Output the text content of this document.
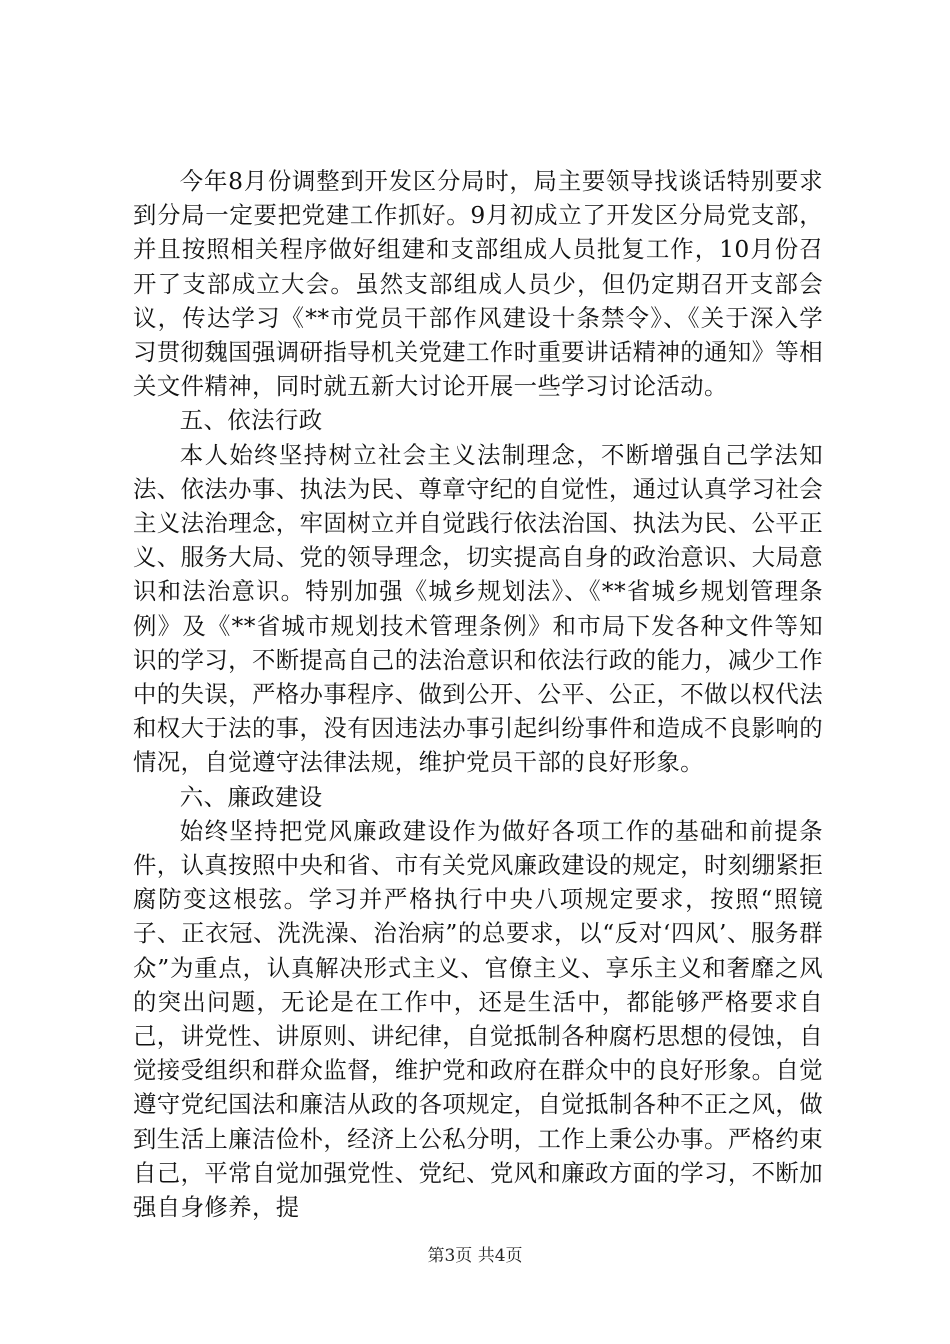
今年8月份调整到开发区分局时，局主要领导找谈话特别要求到分局一定要把党建工作抓好。9月初成立了开发区分局党支部，并且按照相关程序做好组建和支部组成人员批复工作，10月份召开了支部成立大会。虽然支部组成人员少，但仍定期召开支部会议，传达学习《**市党员干部作风建设十条禁令》、《关于深入学习贯彻魏国强调研指导机关党建工作时重要讲话精神的通知》等相关文件精神，同时就五新大讨论开展一些学习讨论活动。

五、依法行政

本人始终坚持树立社会主义法制理念，不断增强自己学法知法、依法办事、执法为民、尊章守纪的自觉性，通过认真学习社会主义法治理念，牢固树立并自觉践行依法治国、执法为民、公平正义、服务大局、党的领导理念，切实提高自身的政治意识、大局意识和法治意识。特别加强《城乡规划法》、《**省城乡规划管理条例》及《**省城市规划技术管理条例》和市局下发各种文件等知识的学习，不断提高自己的法治意识和依法行政的能力，减少工作中的失误，严格办事程序、做到公开、公平、公正，不做以权代法和权大于法的事，没有因违法办事引起纠纷事件和造成不良影响的情况，自觉遵守法律法规，维护党员干部的良好形象。

六、廉政建设

始终坚持把党风廉政建设作为做好各项工作的基础和前提条件，认真按照中央和省、市有关党风廉政建设的规定，时刻绷紧拒腐防变这根弦。学习并严格执行中央八项规定要求，按照“照镜子、正衣冠、洗洗澡、治治病”的总要求，以“反对‘四风’、服务群众”为重点，认真解决形式主义、官僚主义、享乐主义和奢靡之风的突出问题，无论是在工作中，还是生活中，都能够严格要求自己，讲党性、讲原则、讲纪律，自觉抵制各种腐朽思想的侵蚀，自觉接受组织和群众监督，维护党和政府在群众中的良好形象。自觉遵守党纪国法和廉洁从政的各项规定，自觉抵制各种不正之风，做到生活上廉洁俭朴，经济上公私分明，工作上秉公办事。严格约束自己，平常自觉加强党性、党纪、党风和廉政方面的学习，不断加强自身修养，提

第3页 共4页
